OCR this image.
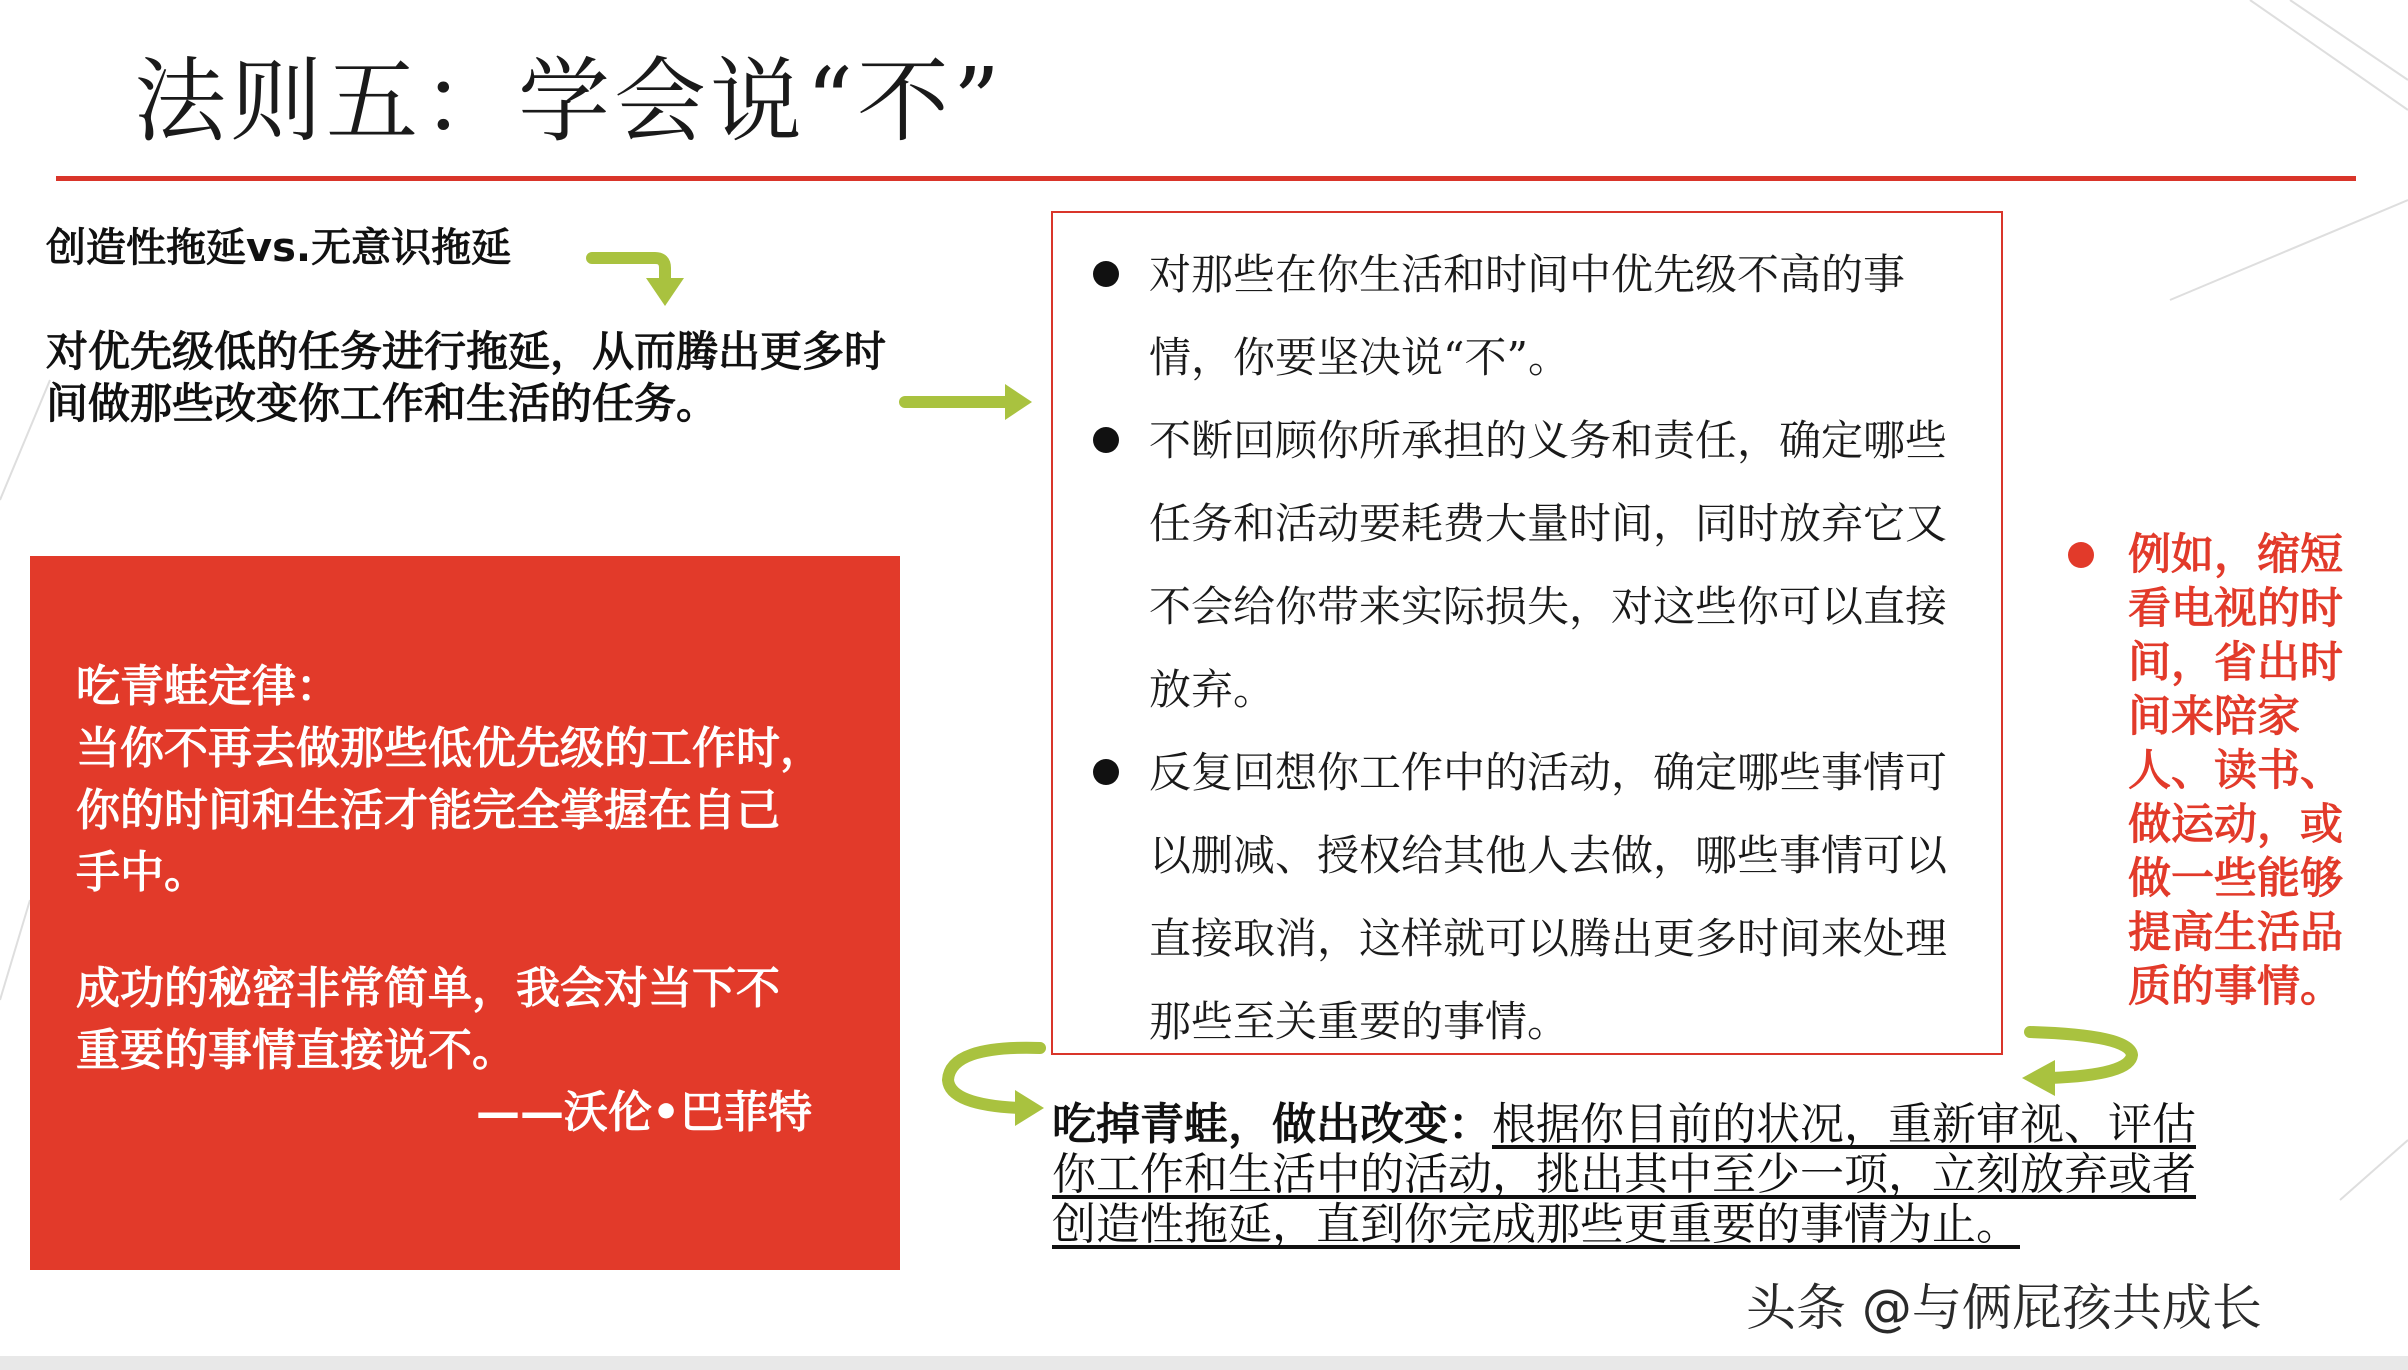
法则五：学会说“不”
创造性拖延vs.无意识拖延
对优先级低的任务进行拖延，从而腾出更多时间做那些改变你工作和生活的任务。
吃青蛙定律：
当你不再去做那些低优先级的工作时，
你的时间和生活才能完全掌握在自己
手中。
成功的秘密非常简单，我会对当下不
重要的事情直接说不。
——沃伦•巴菲特
对那些在你生活和时间中优先级不高的事情，你要坚决说“不”。
不断回顾你所承担的义务和责任，确定哪些任务和活动要耗费大量时间，同时放弃它又不会给你带来实际损失，对这些你可以直接放弃。
反复回想你工作中的活动，确定哪些事情可以删减、授权给其他人去做，哪些事情可以直接取消，这样就可以腾出更多时间来处理那些至关重要的事情。
例如，缩短看电视的时间，省出时间来陪家人、读书、做运动，或做一些能够提高生活品质的事情。
吃掉青蛙，做出改变：根据你目前的状况，重新审视、评估你工作和生活中的活动，挑出其中至少一项，立刻放弃或者创造性拖延，直到你完成那些更重要的事情为止。
头条 @与俩屁孩共成长
